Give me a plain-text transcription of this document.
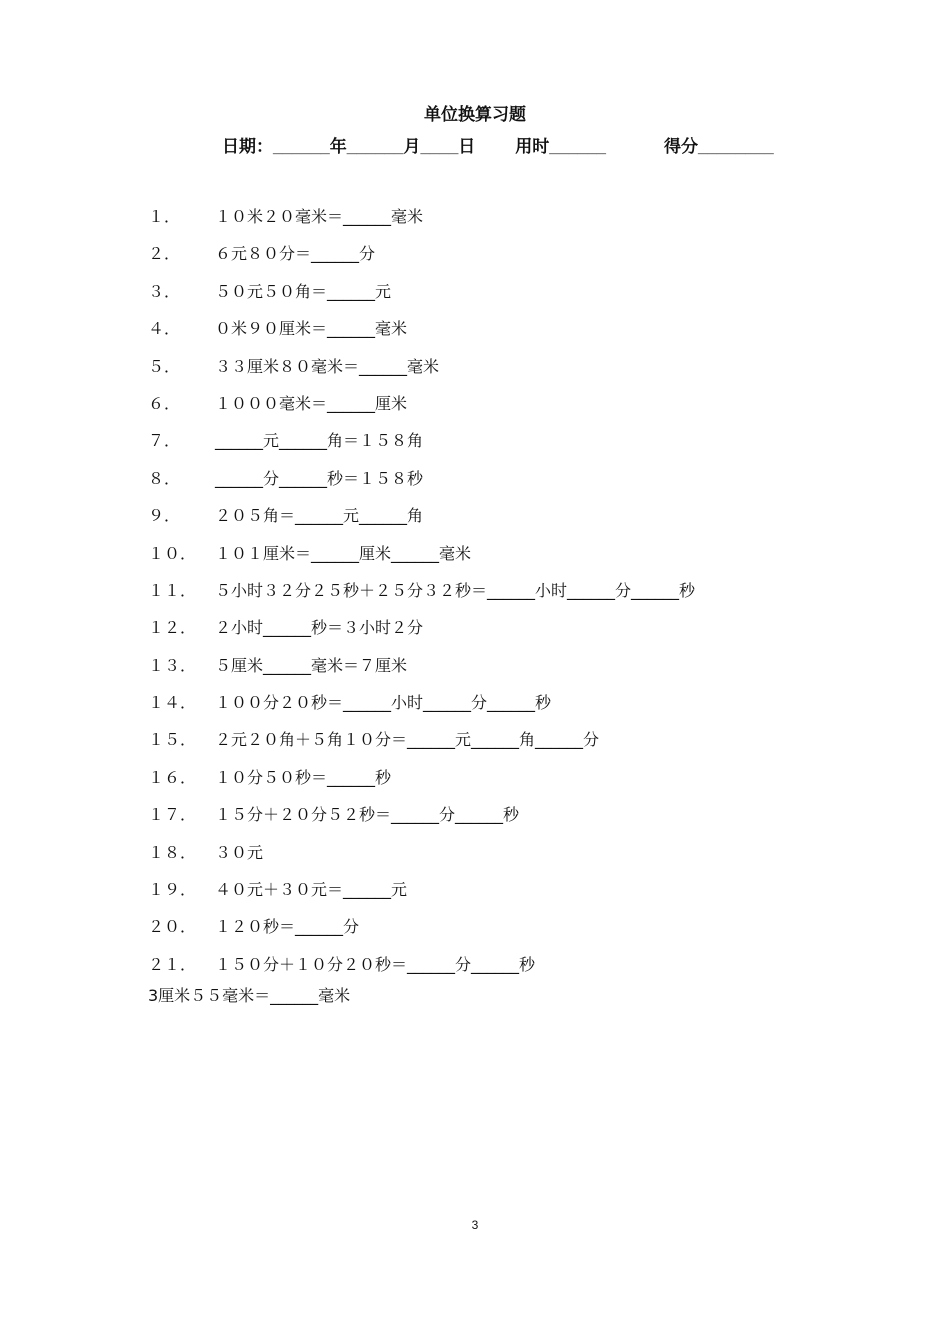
单位换算习题
日期：______年______月____日 用时______	得分________
１． １０米２０毫米＝______毫米
２． ６元８０分＝______分
３． ５０元５０角＝______元
４． ０米９０厘米＝______毫米
５． ３３厘米８０毫米＝______毫米
６． １０００毫米＝______厘米
７． ______元______角＝１５８角
８． ______分______秒＝１５８秒
９． ２０５角＝______元______角
１０． １０１厘米＝______厘米______毫米
１１． ５小时３２分２５秒＋２５分３２秒＝______小时______分______秒
１２． ２小时______秒＝３小时２分
１３． ５厘米______毫米＝７厘米
１４． １００分２０秒＝______小时______分______秒
１５． ２元２０角＋５角１０分＝______元______角______分
１６． １０分５０秒＝______秒
１７． １５分＋２０分５２秒＝______分______秒
１８． ３０元
１９． ４０元＋３０元＝______元
２０． １２０秒＝______分
２１． １５０分＋１０分２０秒＝______分______秒
3厘米５５毫米＝______毫米
3
